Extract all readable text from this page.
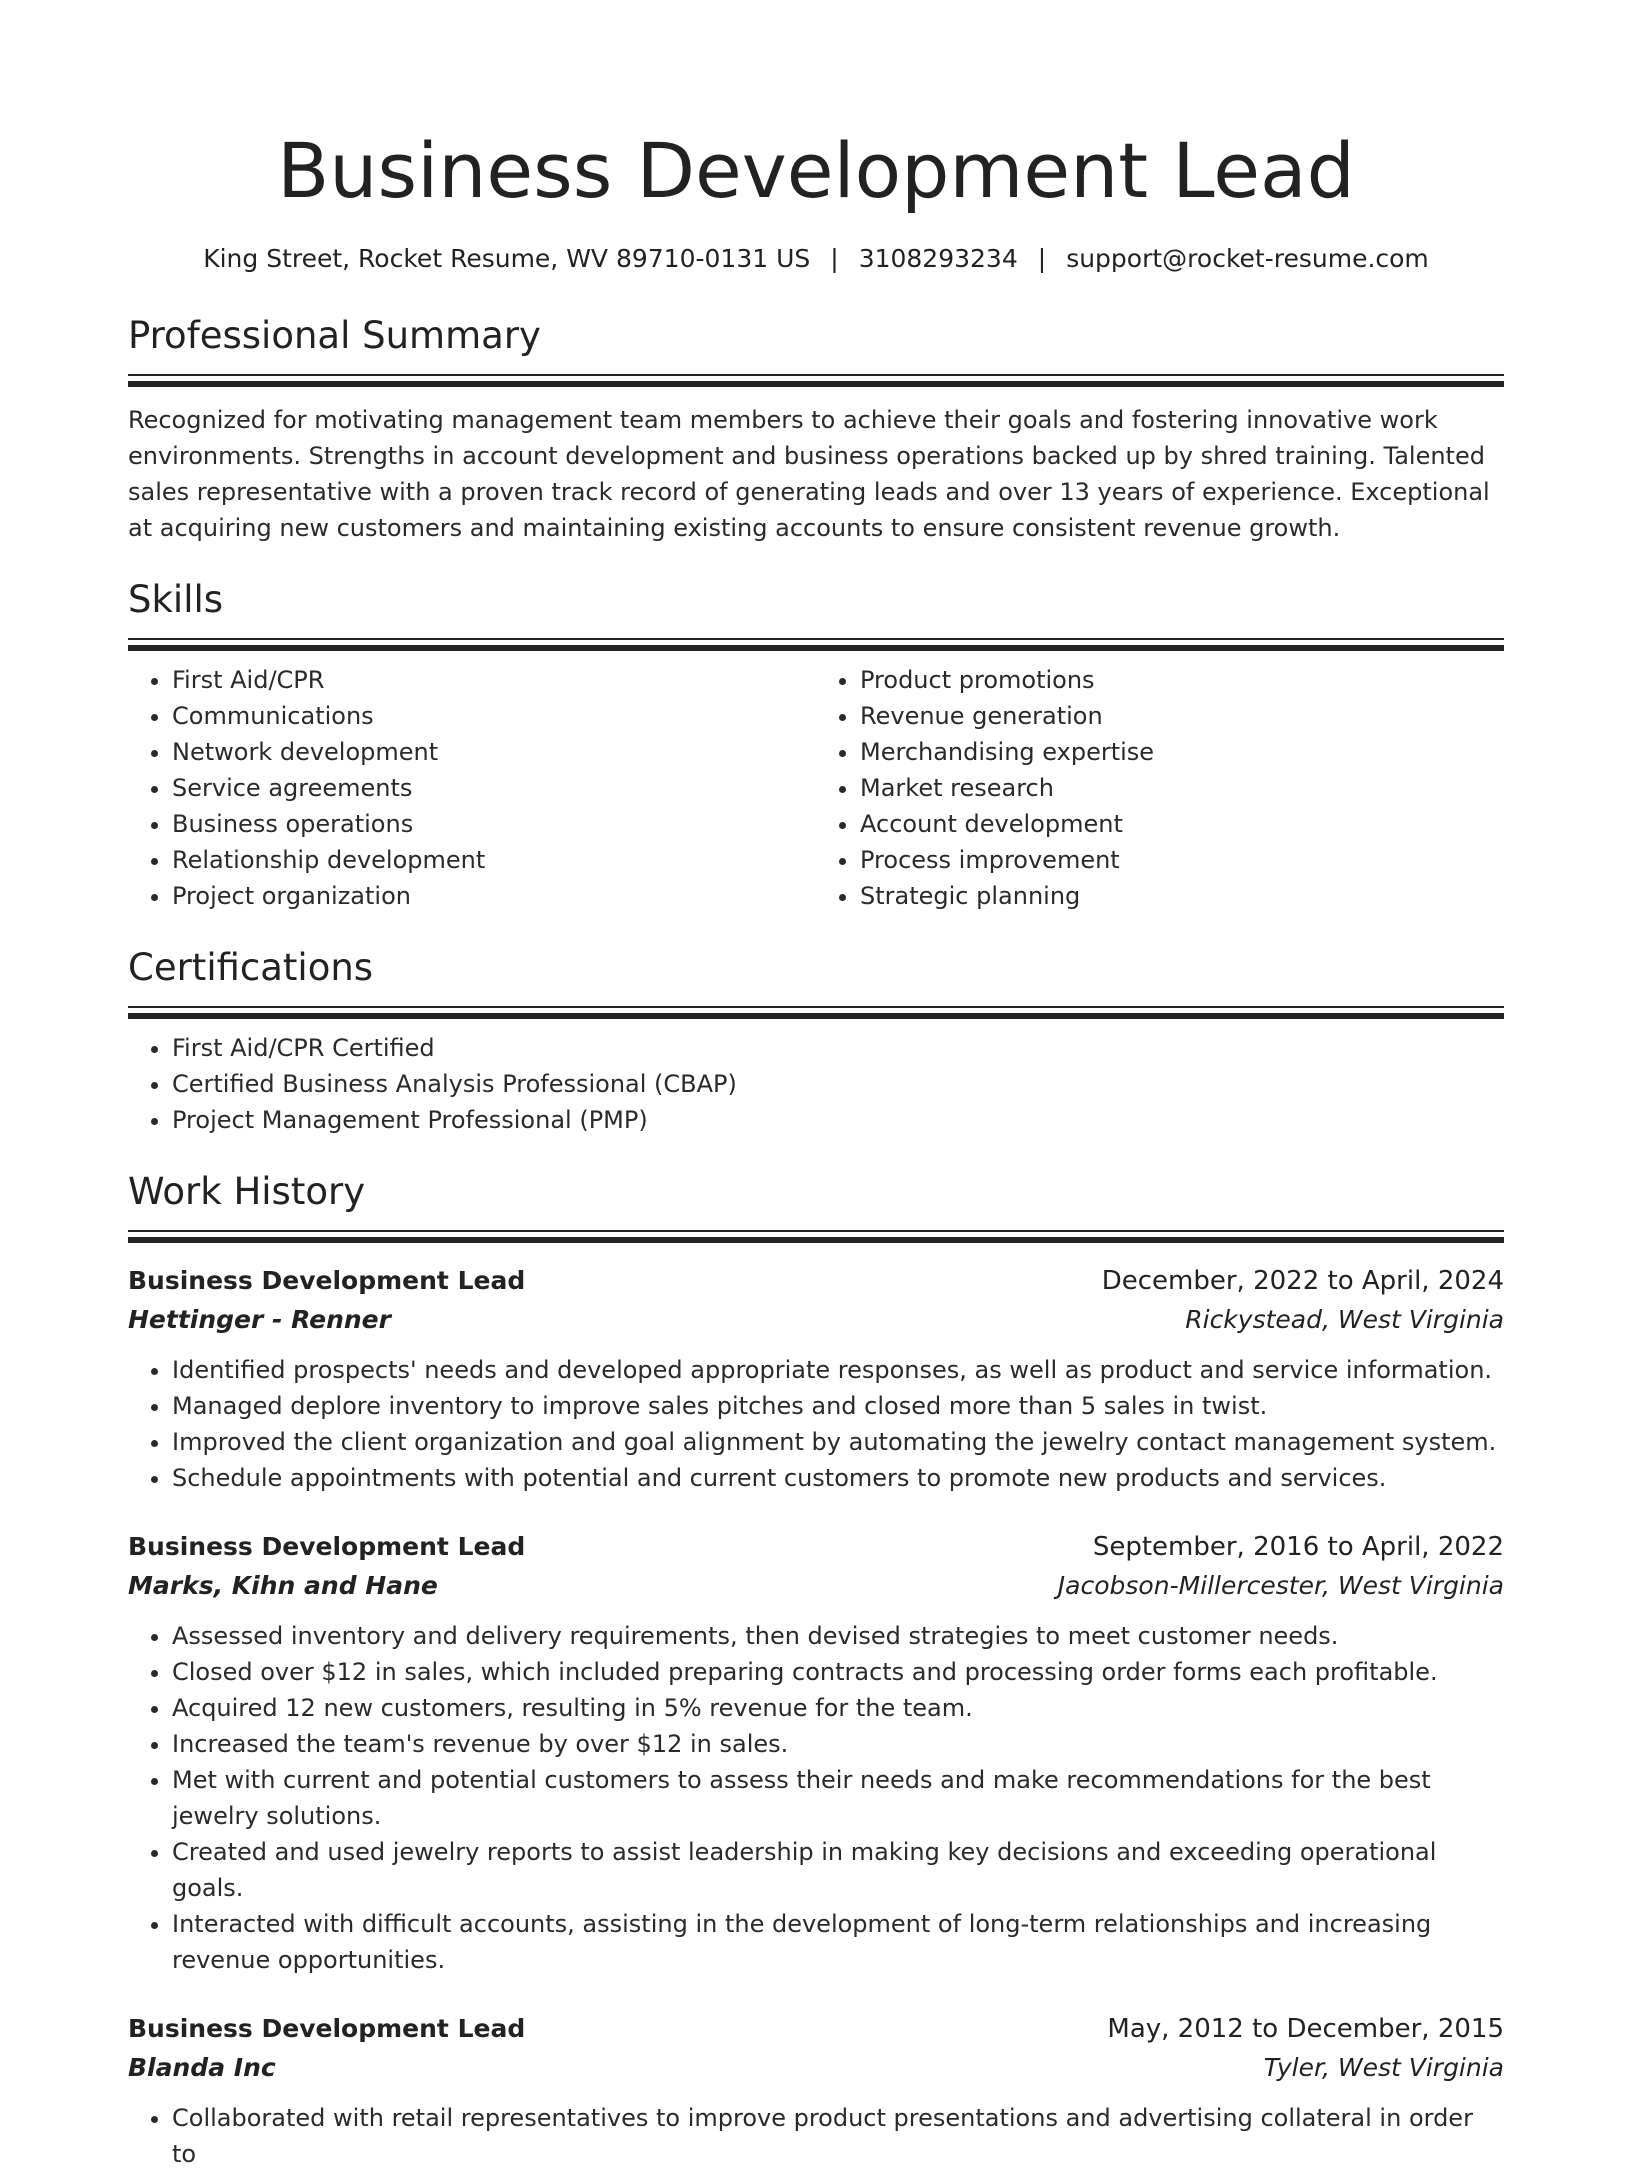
Business Development Lead
King Street, Rocket Resume, WV 89710-0131 US | 3108293234 | support@rocket-resume.com
Professional Summary
Recognized for motivating management team members to achieve their goals and fostering innovative work environments. Strengths in account development and business operations backed up by shred training. Talented sales representative with a proven track record of generating leads and over 13 years of experience. Exceptional at acquiring new customers and maintaining existing accounts to ensure consistent revenue growth.
Skills
• First Aid/CPR
• Communications
• Network development
• Service agreements
• Business operations
• Relationship development
• Project organization
• Product promotions
• Revenue generation
• Merchandising expertise
• Market research
• Account development
• Process improvement
• Strategic planning
Certifications
• First Aid/CPR Certified
• Certified Business Analysis Professional (CBAP)
• Project Management Professional (PMP)
Work History
Business Development Lead	December, 2022 to April, 2024
Hettinger - Renner	Rickystead, West Virginia
• Identified prospects' needs and developed appropriate responses, as well as product and service information.
• Managed deplore inventory to improve sales pitches and closed more than 5 sales in twist.
• Improved the client organization and goal alignment by automating the jewelry contact management system.
• Schedule appointments with potential and current customers to promote new products and services.
Business Development Lead	September, 2016 to April, 2022
Marks, Kihn and Hane	Jacobson-Millercester, West Virginia
• Assessed inventory and delivery requirements, then devised strategies to meet customer needs.
• Closed over $12 in sales, which included preparing contracts and processing order forms each profitable.
• Acquired 12 new customers, resulting in 5% revenue for the team.
• Increased the team's revenue by over $12 in sales.
• Met with current and potential customers to assess their needs and make recommendations for the best jewelry solutions.
• Created and used jewelry reports to assist leadership in making key decisions and exceeding operational goals.
• Interacted with difficult accounts, assisting in the development of long-term relationships and increasing revenue opportunities.
Business Development Lead	May, 2012 to December, 2015
Blanda Inc	Tyler, West Virginia
• Collaborated with retail representatives to improve product presentations and advertising collateral in order to
